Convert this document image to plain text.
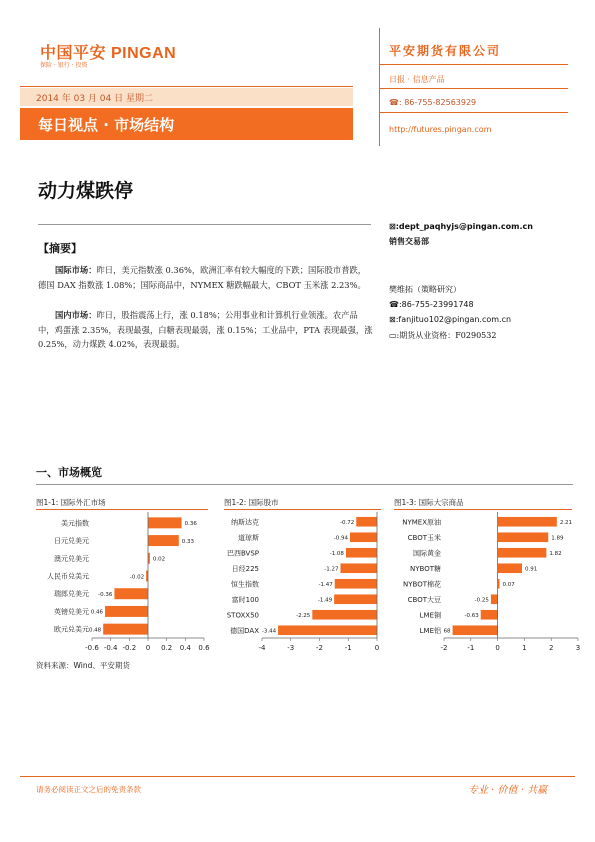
中国平安 PINGAN
保险 · 银行 · 投资
2014 年 03 月 04 日 星期二
每日视点 · 市场结构
平安期货有限公司
日报 · 信息产品
☎: 86-755-82563929
http://futures.pingan.com
动力煤跌停
【摘要】
国际市场：昨日，美元指数涨 0.36%，欧洲汇率有较大幅度的下跌；国际股市普跌，德国 DAX 指数涨 1.08%；国际商品中，NYMEX 糖跌幅最大，CBOT 玉米涨 2.23%。
国内市场：昨日，股指震荡上行，涨 0.18%；公用事业和计算机行业领涨。农产品中，鸡蛋涨 2.35%，表现最强，白糖表现最弱，涨 0.15%；工业品中，PTA 表现最强，涨 0.25%，动力煤跌 4.02%，表现最弱。
⊠:dept_paqhyjs@pingan.com.cn
销售交易部
樊维拓（策略研究）
☎:86-755-23991748
⊠:fanjituo102@pingan.com.cn
▭:期货从业资格：F0290532
一、市场概览
图1-1: 国际外汇市场	图1-2: 国际股市	图1-3: 国际大宗商品
美元指数	0.36
日元兑美元	0.33
澳元兑美元	0.02
人民币兑美元	-0.02
瑞郎兑美元 -0.36
英镑兑美元 0.46
欧元兑美元 0.48
-0.6 -0.4 -0.2 0 0.2 0.4 0.6
纳斯达克	-0.72
道琼斯	-0.94
巴西BVSP	-1.08
日经225	-1.27
恒生指数	-1.47
富时100	-1.49
STOXX50	-2.25
德国DAX -3.44
-4	-3	-2	-1	0
NYMEX原油	2.21
CBOT玉米	1.89
国际黄金	1.82
NYBOT糖	0.91
NYBOT棉花	0.07
CBOT大豆	-0.25
LME铜	-0.63
LME铝 68
-2	-1	0	1	2	3
资料来源：Wind、平安期货
请务必阅读正文之后的免责条款	专业 · 价值 · 共赢
